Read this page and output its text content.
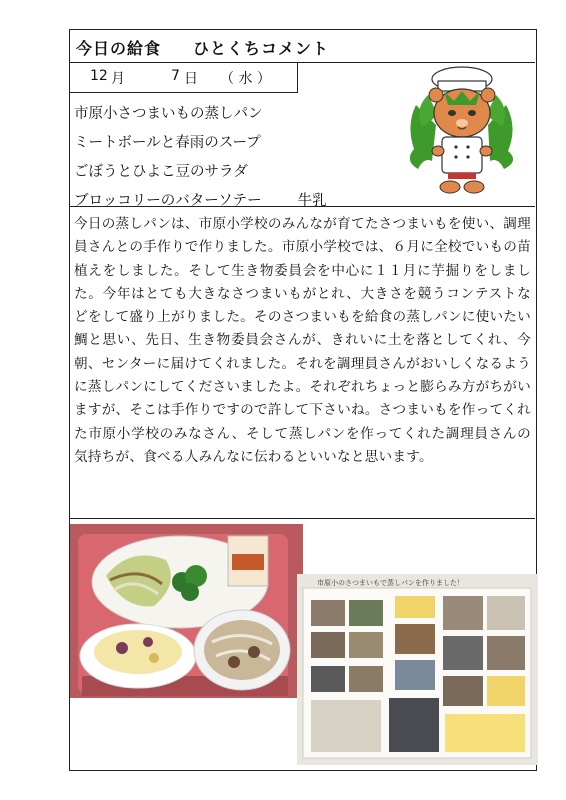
今日の給食 ひとくちコメント
12 月	7 日 （ 水 ）
市原小さつまいもの蒸しパン
ミートボールと春雨のスープ
ごぼうとひよこ豆のサラダ
ブロッコリーのバターソテー 牛乳
今日の蒸しパンは、市原小学校のみんなが育てたさつまいもを使い、調理員さんとの手作りで作りました。市原小学校では、６月に全校でいもの苗植えをしました。そして生き物委員会を中心に１１月に芋掘りをしました。今年はとても大きなさつまいもがとれ、大きさを競うコンテストなどをして盛り上がりました。そのさつまいもを給食の蒸しパンに使いたい鯛と思い、先日、生き物委員会さんが、きれいに土を落としてくれ、今朝、センターに届けてくれました。それを調理員さんがおいしくなるように蒸しパンにしてくださいましたよ。それぞれちょっと膨らみ方がちがいますが、そこは手作りですので許して下さいね。さつまいもを作ってくれた市原小学校のみなさん、そして蒸しパンを作ってくれた調理員さんの気持ちが、食べる人みんなに伝わるといいなと思います。
市原小のさつまいもで蒸しパンを作りました！
